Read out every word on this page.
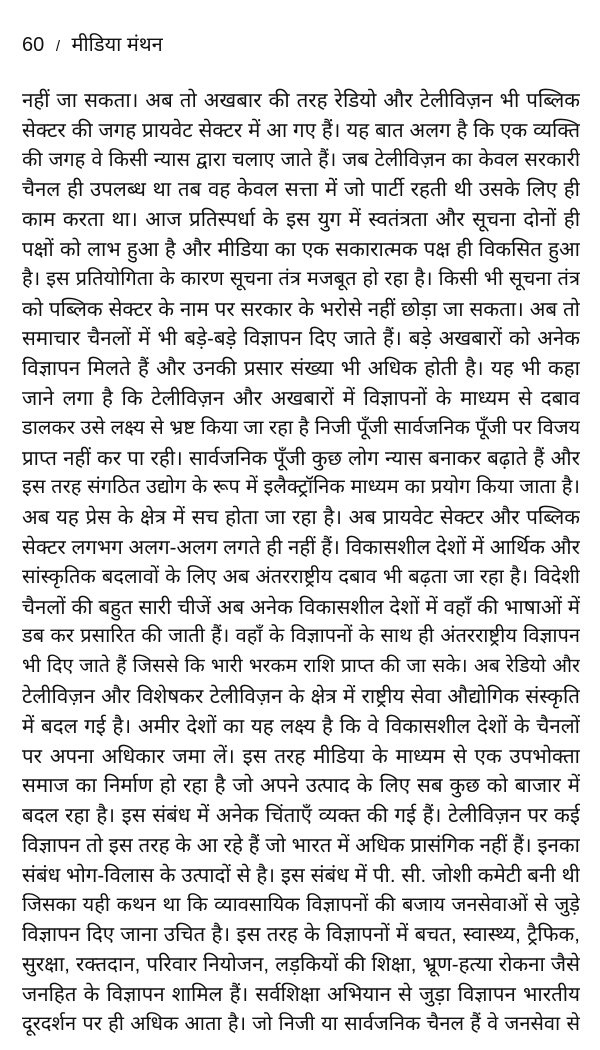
60 / मीडिया मंथन
नहीं जा सकता। अब तो अखबार की तरह रेडियो और टेलीविज़न भी पब्लिक
सेक्टर की जगह प्रायवेट सेक्टर में आ गए हैं। यह बात अलग है कि एक व्यक्ति
की जगह वे किसी न्यास द्वारा चलाए जाते हैं। जब टेलीविज़न का केवल सरकारी
चैनल ही उपलब्ध था तब वह केवल सत्ता में जो पार्टी रहती थी उसके लिए ही
काम करता था। आज प्रतिस्पर्धा के इस युग में स्वतंत्रता और सूचना दोनों ही
पक्षों को लाभ हुआ है और मीडिया का एक सकारात्मक पक्ष ही विकसित हुआ
है। इस प्रतियोगिता के कारण सूचना तंत्र मजबूत हो रहा है। किसी भी सूचना तंत्र
को पब्लिक सेक्टर के नाम पर सरकार के भरोसे नहीं छोड़ा जा सकता। अब तो
समाचार चैनलों में भी बड़े-बड़े विज्ञापन दिए जाते हैं। बड़े अखबारों को अनेक
विज्ञापन मिलते हैं और उनकी प्रसार संख्या भी अधिक होती है। यह भी कहा
जाने लगा है कि टेलीविज़न और अखबारों में विज्ञापनों के माध्यम से दबाव
डालकर उसे लक्ष्य से भ्रष्ट किया जा रहा है निजी पूँजी सार्वजनिक पूँजी पर विजय
प्राप्त नहीं कर पा रही। सार्वजनिक पूँजी कुछ लोग न्यास बनाकर बढ़ाते हैं और
इस तरह संगठित उद्योग के रूप में इलैक्ट्रॉनिक माध्यम का प्रयोग किया जाता है।
अब यह प्रेस के क्षेत्र में सच होता जा रहा है। अब प्रायवेट सेक्टर और पब्लिक
सेक्टर लगभग अलग-अलग लगते ही नहीं हैं। विकासशील देशों में आर्थिक और
सांस्कृतिक बदलावों के लिए अब अंतरराष्ट्रीय दबाव भी बढ़ता जा रहा है। विदेशी
चैनलों की बहुत सारी चीजें अब अनेक विकासशील देशों में वहाँ की भाषाओं में
डब कर प्रसारित की जाती हैं। वहाँ के विज्ञापनों के साथ ही अंतरराष्ट्रीय विज्ञापन
भी दिए जाते हैं जिससे कि भारी भरकम राशि प्राप्त की जा सके। अब रेडियो और
टेलीविज़न और विशेषकर टेलीविज़न के क्षेत्र में राष्ट्रीय सेवा औद्योगिक संस्कृति
में बदल गई है। अमीर देशों का यह लक्ष्य है कि वे विकासशील देशों के चैनलों
पर अपना अधिकार जमा लें। इस तरह मीडिया के माध्यम से एक उपभोक्ता
समाज का निर्माण हो रहा है जो अपने उत्पाद के लिए सब कुछ को बाजार में
बदल रहा है। इस संबंध में अनेक चिंताएँ व्यक्त की गई हैं। टेलीविज़न पर कई
विज्ञापन तो इस तरह के आ रहे हैं जो भारत में अधिक प्रासंगिक नहीं हैं। इनका
संबंध भोग-विलास के उत्पादों से है। इस संबंध में पी. सी. जोशी कमेटी बनी थी
जिसका यही कथन था कि व्यावसायिक विज्ञापनों की बजाय जनसेवाओं से जुड़े
विज्ञापन दिए जाना उचित है। इस तरह के विज्ञापनों में बचत, स्वास्थ्य, ट्रैफिक,
सुरक्षा, रक्तदान, परिवार नियोजन, लड़कियों की शिक्षा, भ्रूण-हत्या रोकना जैसे
जनहित के विज्ञापन शामिल हैं। सर्वशिक्षा अभियान से जुड़ा विज्ञापन भारतीय
दूरदर्शन पर ही अधिक आता है। जो निजी या सार्वजनिक चैनल हैं वे जनसेवा से
